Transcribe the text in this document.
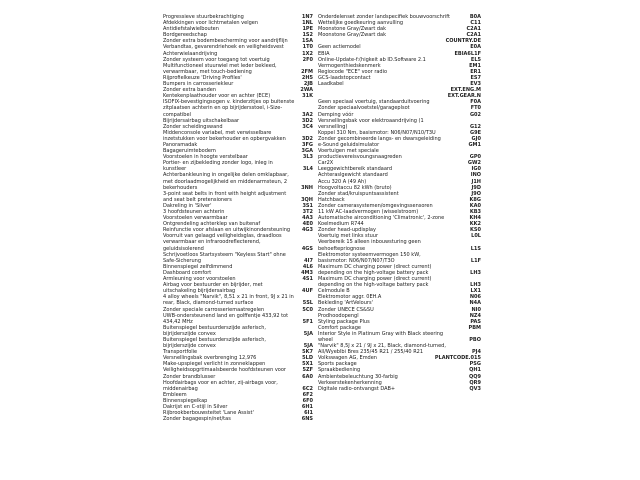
Progressieve stuurbekrachtiging	1N7
Afdekkingen voor lichtmetalen velgen	1NL
Antidiefstalwielbouten	1PE
Bordgereedschap	1S2
Zonder extra bodembescherming voor aandrijflijn	1SA
Verbandtas, gevarendriehoek en veiligheidsvest	1T0
Achterwielaandrijving	1X2
Zonder systeem voor toegang tot voertuig	2F0
Multifunctioneel stuurwiel met leder bekleed, verwarmbaar, met touch-bediening	2FM
Rijprofielkeuze 'Driving Profiles'	2H5
Bumpers in carrosseriekleur	2JB
Zonder extra banden	2WA
Kentekenplaathouder voor en achter (ECE)	31K
ISOFIX-bevestigingsogen v. kinderzitjes op buitenste zitplaatsen achterin en op bijrijdersstoel, i-Size-compatibel	3A2
Bijrijdersairbag uitschakelbaar	3D2
Zonder scheidingswand	3C4
Middenconsole variabel, met verwisselbare inzetstukken voor bekerhouder en opbergvakken	3D2
Panoramadak	3FG
Bagageruimtebodem	3GA
Voorstoelen in hoogte verstelbaar	3L3
Portier- en zijbekleding zonder logo, inleg in kunstleer	3L4
Achterbankleuning in ongelijke delen omklapbaar, met doorlaadmogelijkheid en middenarmsteun, 2 bekerhouders	3NH
3-point seat belts in front with height adjustment and seat belt pretensioners	3QH
Dakreling in 'Silver'	3S1
3 hoofdsteunen achterin	3T2
Voorstoelen verwarmbaar	4A3
Ontgrendeling achterklep van buitenaf	4E0
Reinfunctie voor afslaan en uitwijkinondersteuning	4G3
Voorruit van gelaagd veiligheidsglas, draadloos verwarmbaar en infraroodreflecterend, geluidsisolerend	4GS
Schrijvoetloos Startsysteem "Keyless Start" ohne Safe-Sicherung	4I7
Binnenspiegel zelfdimmend	4L6
Dashboard comfort	4M3
Armleuning voor voorstoelen	4S1
Airbag voor bestuurder en bijrijder, met uitschakeling bijrijdersairbag	4UF
4 alloy wheels "Narvik", 8,51 x 21 in front, 9J x 21 in rear, Black, diamond-turned surface	5SL
Zonder speciale carrosseriemaatregelen	5C0
UWB-ondersteunend land en golffentje 433,92 tot 434,42 MHz	5F1
Buitenspiegel bestuurderszijde asferisch, bijrijderszijde convex	5JA
Buitenspiegel bestuurderszijde asferisch, bijrijderszijde convex	5JA
Transportfolie	5K7
Versnellingsbak overbrenging 12,976	5LD
Make-upspiegel verlicht in zonneklappen	5X1
Veiligheidsopgrtimaalsbeerde hoofdsteunen voor	5ZF
Zonder brandblusser	6A0
Hoofdairbags voor en achter, zij-airbags voor, middenairbag	6C2
Embleem	6F2
Binnenspiegelkap	6F0
Dakrijst en C-stijl in Silver	6H1
Rijbrookberbouwsteitet 'Lane Assist'	6I1
Zonder bagagespin/net/tas	6NS
Onderdelenset zonder landspecifiek bouwvoorschrift	B0A
Wettelijke goedkeuring aanvulling	C11
Moonstone Gray/Zwart dak	C2A1
Moonstone Gray/Zwart dak	C2A1

COUNTRY.DE
Geen actiemodel	E0A
EBIA	EBIA6L1F
Online-Update-f:(higkeit ab ID.Software 2.1	EL5
Vermogenthiedskenmerk	EM1
Regiocode "ECE" voor radio	ER1
GCS-laadstopcontact	ES7
Laadkabel	EV3

EXT.ENG.M

EXT.GEAR.N
Geen speciaal voertuig, standaarduitvoering	F0A
Zonder speciaalvoetstel/garageplsot	FT0
Demping vóór	G02
Versnellingsbak voor elektroaandrijving (1 versnelling)	G12
Koppel 310 Nm, basismotor: N06/N07/N10/T3U	G9E
Zonder gecombineerde langs- en dwarsgeleiding	GJ0
e-Sound geluidsimulator	GM1
Voertuigen met speciale productievereisvoungsnaagreden	GP0
Car2X	GW2
Leeggewichtbereik standaard	IG0
Achteraslgewicht standaard	INO
Accu 320 A (49 Ah)	J1H
Hoogvoltaccu 82 kWh (bruto)	J9D
Zonder stad/kruispuntsassistent	J9O
Hatchback	K8G
Zonder camerasystemen/omgevingssensoren	KA0
11 kW AC-laadvermogen (wisselstroom)	KB3
Automatische airconditioning 'Climatronic', 2-zone	KH4
Koelmedium R744	KK2
Zonder head-updisplay	KS0
Voertuig met links stuur	L0L
Veerbereik 15 alleen inbouwsturing geen behoeftepriognose	L1S
Elektromotor systeemvermogen 150 kW, basismotor: N06/N07/N07/T3O	L1F
Maximum DC charging power (direct current) depending on the high-voltage battery pack	LH3
Maximum DC charging power (direct current) depending on the high-voltage battery pack	LH3
Celmodule B	LX1
Elektromotor aggr. 0EH.A	N06
Bekleding 'ArtVelours'	N4A
Zonder UNECE CS&SU	NI0
Prodhoodopengl	NZ4
Styling package Plus	PAS
Comfort package	PBM
Interior Style in Platinum Gray with Black steering wheel	PBO
"Narvik" 8,5J x 21 / 9J x 21, Black, diamond-turned, All/Wyeblbi Bres 235/45 R21 / 255/40 R21	PJ4
Volkswagen AG, Emden	PLANTCODE.015
Sports package	PSG
Spraakbediening	QH1
Ambientebeleuchtung 30-farbig	QQ9
Verkeerstekenherkenning	QR9
Digitale radio-ontvangst DAB+	QV3
